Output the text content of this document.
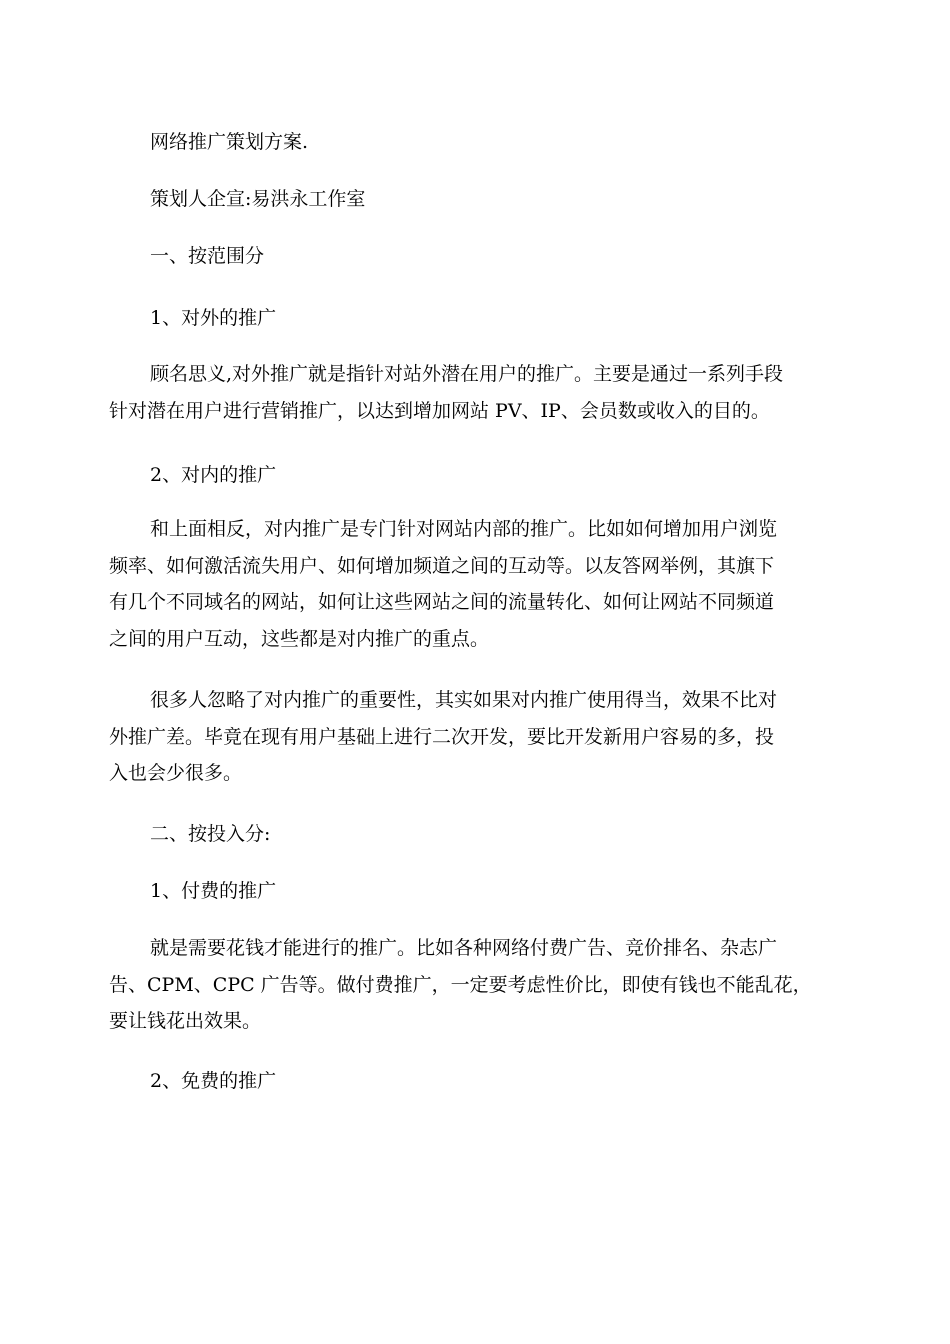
网络推广策划方案.
策划人企宣:易洪永工作室
一、按范围分
1、对外的推广
顾名思义,对外推广就是指针对站外潜在用户的推广。主要是通过一系列手段
针对潜在用户进行营销推广，以达到增加网站 PV、IP、会员数或收入的目的。
2、对内的推广
和上面相反，对内推广是专门针对网站内部的推广。比如如何增加用户浏览
频率、如何激活流失用户、如何增加频道之间的互动等。以友答网举例，其旗下
有几个不同域名的网站，如何让这些网站之间的流量转化、如何让网站不同频道
之间的用户互动，这些都是对内推广的重点。
很多人忽略了对内推广的重要性，其实如果对内推广使用得当，效果不比对
外推广差。毕竟在现有用户基础上进行二次开发，要比开发新用户容易的多，投
入也会少很多。
二、按投入分:
1、付费的推广
就是需要花钱才能进行的推广。比如各种网络付费广告、竞价排名、杂志广
告、CPM、CPC 广告等。做付费推广，一定要考虑性价比，即使有钱也不能乱花，
要让钱花出效果。
2、免费的推广
